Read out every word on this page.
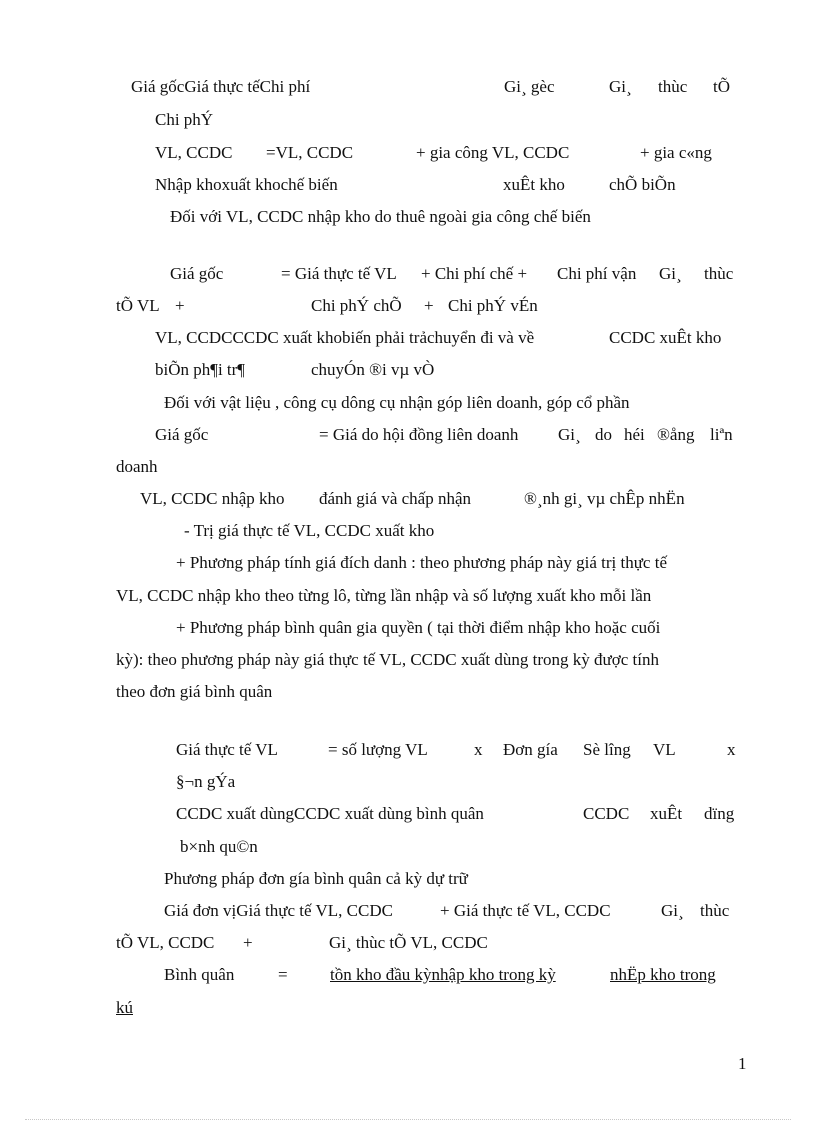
Giá gốcGiá thực tếChi phí	Gi¸ gèc	Gi¸ thùc tÕ
Chi phÝ
VL, CCDC =VL, CCDC	+ gia công VL, CCDC	+ gia c«ng
Nhập khoxuất khochế biến	xuÊt kho	chÕ biÕn
Đối với VL, CCDC nhập kho do thuê ngoài gia công chế biến
Giá gốc	= Giá thực tế VL + Chi phí chế + Chi phí vận Gi¸ thùc
tÕ VL +	Chi phÝ chÕ + Chi phÝ vÉn
VL, CCDCCCDC xuất khobiến phải trảchuyển đi và về	CCDC xuÊt kho
biÕn ph¶i tr¶	chuyÓn ®i vµ vÒ
Đối với vật liệu , công cụ dông cụ nhận góp liên doanh, góp cổ phần
Giá gốc	= Giá do hội đồng liên doanh Gi¸ do héi ®ång liªn
doanh
VL, CCDC nhập kho đánh giá và chấp nhận	®¸nh gi¸ vµ chÊp nhËn
- Trị giá thực tế VL, CCDC xuất kho
+ Phương pháp tính giá đích danh : theo phương pháp này giá trị thực tế
VL, CCDC nhập kho theo từng lô, từng lần nhập và số lượng xuất kho mỗi lần
+ Phương pháp bình quân gia quyền ( tại thời điểm nhập kho hoặc cuối
kỳ): theo phương pháp này giá thực tế VL, CCDC xuất dùng trong kỳ được tính
theo đơn giá bình quân
Giá thực tế VL	= số lượng VL	x Đơn gía Sè lîng VL	x
§¬n gÝa
CCDC xuất dùngCCDC xuất dùng bình quân	CCDC xuÊt dïng
b×nh qu©n
Phương pháp đơn gía bình quân cả kỳ dự trữ
Giá đơn vịGiá thực tế VL, CCDC	+ Giá thực tế VL, CCDC	Gi¸ thùc
tÕ VL, CCDC +	Gi¸ thùc tÕ VL, CCDC
Bình quân	= tồn kho đầu kỳnhập kho trong kỳ	nhËp kho trong
kú
1
